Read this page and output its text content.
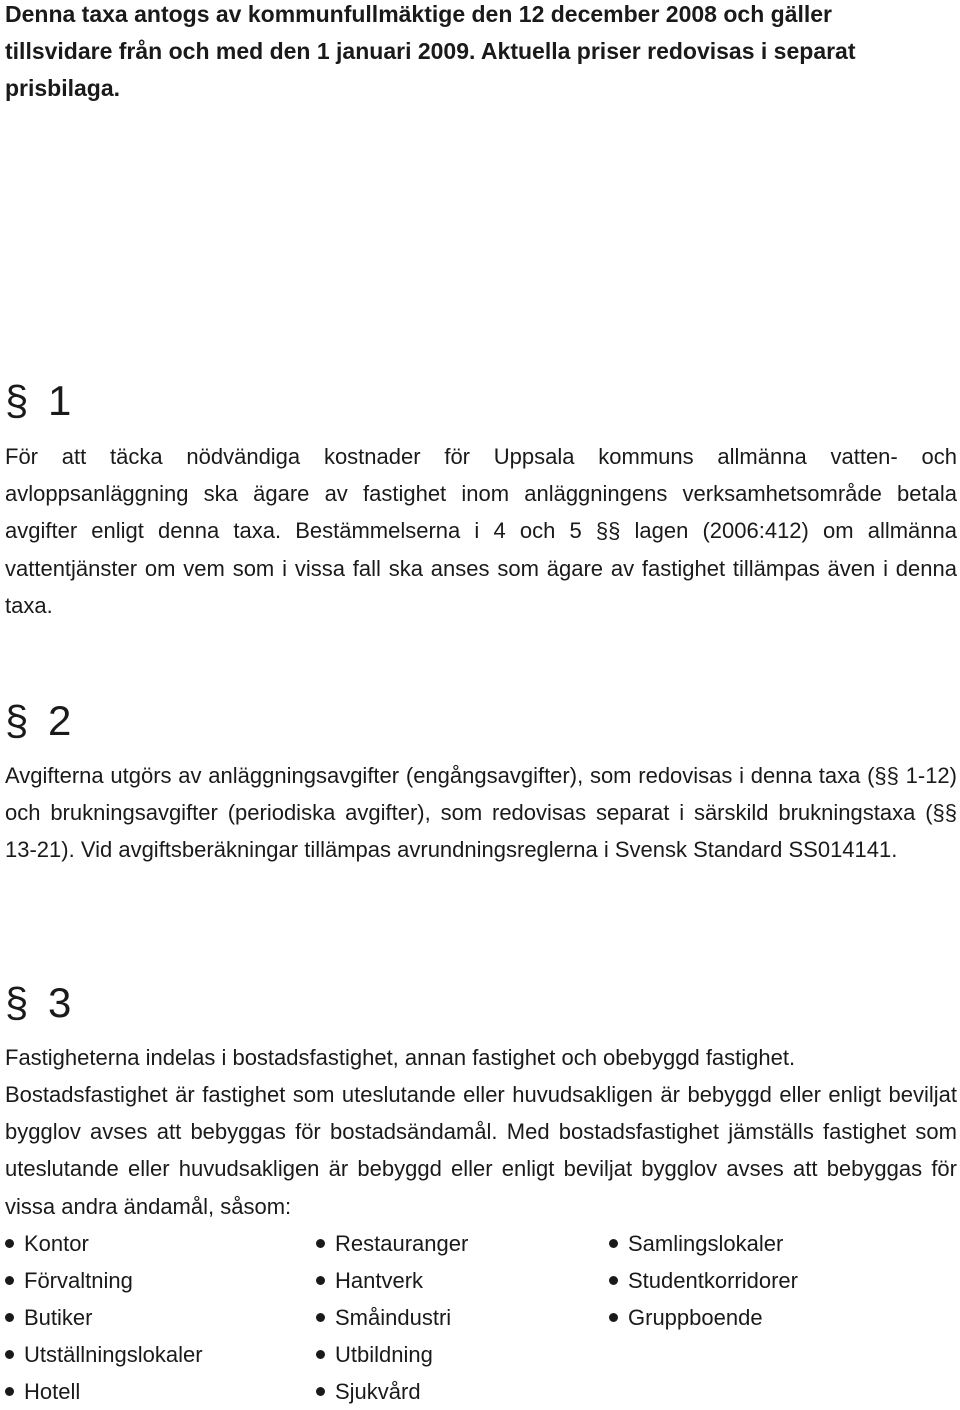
Denna taxa antogs av kommunfullmäktige den 12 december 2008 och gäller
tillsvidare från och med den 1 januari 2009. Aktuella priser redovisas i separat
prisbilaga.

§ 1

För att täcka nödvändiga kostnader för Uppsala kommuns allmänna vatten- och avloppsanläggning ska ägare av fastighet inom anläggningens verksamhetsområde betala avgifter enligt denna taxa. Bestämmelserna i 4 och 5 §§ lagen (2006:412) om allmänna vattentjänster om vem som i vissa fall ska anses som ägare av fastighet tillämpas även i denna taxa.

§ 2

Avgifterna utgörs av anläggningsavgifter (engångsavgifter), som redovisas i denna taxa (§§ 1-12) och brukningsavgifter (periodiska avgifter), som redovisas separat i särskild brukningstaxa (§§ 13-21). Vid avgiftsberäkningar tillämpas avrundningsreglerna i Svensk Standard SS014141.

§ 3

Fastigheterna indelas i bostadsfastighet, annan fastighet och obebyggd fastighet.

Bostadsfastighet är fastighet som uteslutande eller huvudsakligen är bebyggd eller enligt beviljat bygglov avses att bebyggas för bostadsändamål. Med bostadsfastighet jämställs fastighet som uteslutande eller huvudsakligen är bebyggd eller enligt beviljat bygglov avses att bebyggas för vissa andra ändamål, såsom:

Kontor	Restauranger	Samlingslokaler
Förvaltning	Hantverk	Studentkorridorer
Butiker	Småindustri	Gruppboende
Utställningslokaler	Utbildning
Hotell	Sjukvård
